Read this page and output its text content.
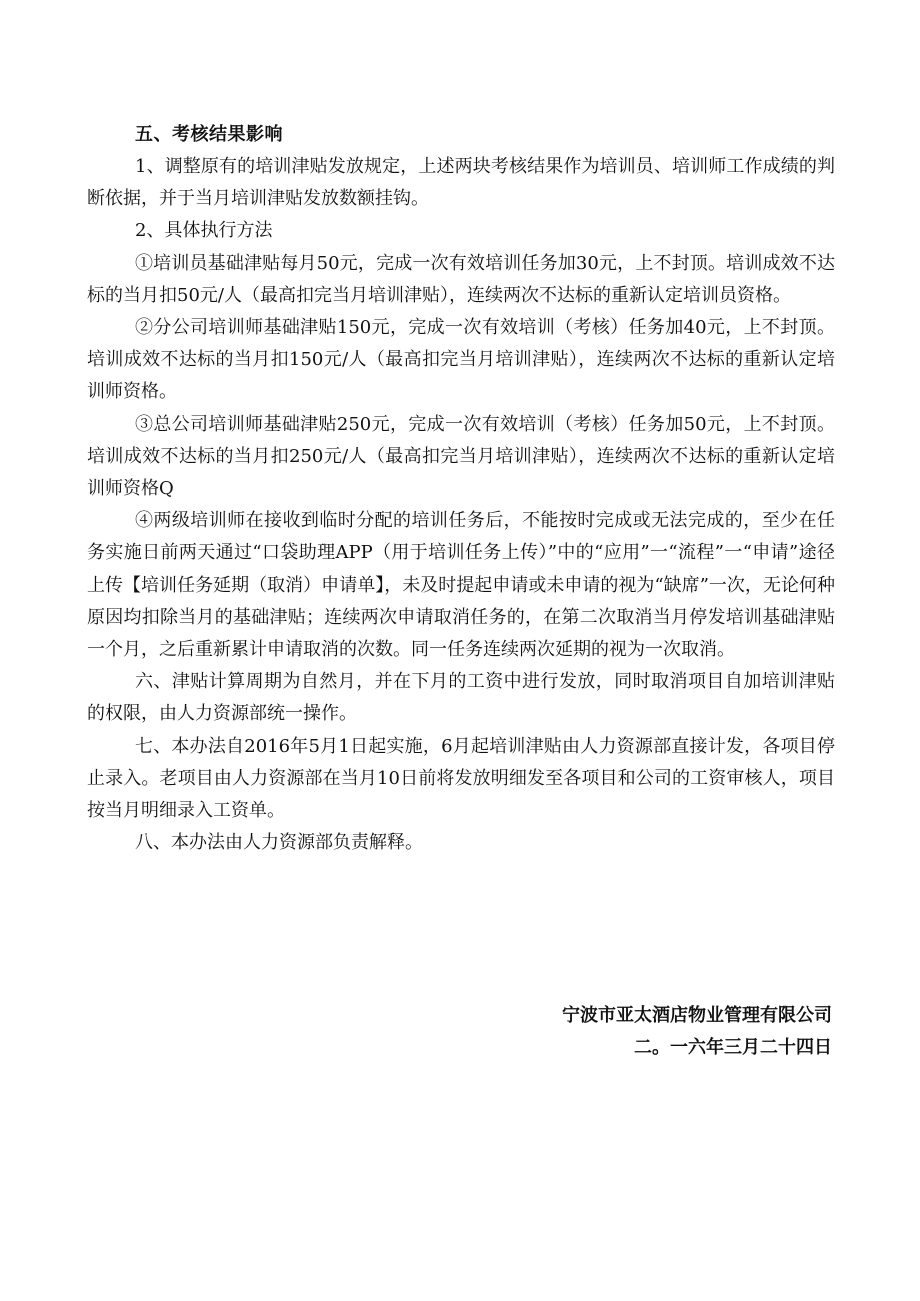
五、考核结果影响

1、调整原有的培训津贴发放规定，上述两块考核结果作为培训员、培训师工作成绩的判断依据，并于当月培训津贴发放数额挂钩。

2、具体执行方法

①培训员基础津贴每月50元，完成一次有效培训任务加30元，上不封顶。培训成效不达标的当月扣50元/人（最高扣完当月培训津贴），连续两次不达标的重新认定培训员资格。

②分公司培训师基础津贴150元，完成一次有效培训（考核）任务加40元，上不封顶。培训成效不达标的当月扣150元/人（最高扣完当月培训津贴），连续两次不达标的重新认定培训师资格。

③总公司培训师基础津贴250元，完成一次有效培训（考核）任务加50元，上不封顶。培训成效不达标的当月扣250元/人（最高扣完当月培训津贴），连续两次不达标的重新认定培训师资格Q

④两级培训师在接收到临时分配的培训任务后，不能按时完成或无法完成的，至少在任务实施日前两天通过“口袋助理APP（用于培训任务上传）”中的“应用”一“流程”一“申请”途径上传【培训任务延期（取消）申请单】，未及时提起申请或未申请的视为“缺席”一次，无论何种原因均扣除当月的基础津贴；连续两次申请取消任务的，在第二次取消当月停发培训基础津贴一个月，之后重新累计申请取消的次数。同一任务连续两次延期的视为一次取消。

六、津贴计算周期为自然月，并在下月的工资中进行发放，同时取消项目自加培训津贴的权限，由人力资源部统一操作。

七、本办法自2016年5月1日起实施，6月起培训津贴由人力资源部直接计发，各项目停止录入。老项目由人力资源部在当月10日前将发放明细发至各项目和公司的工资审核人，项目按当月明细录入工资单。

八、本办法由人力资源部负责解释。

宁波市亚太酒店物业管理有限公司

二。一六年三月二十四日
